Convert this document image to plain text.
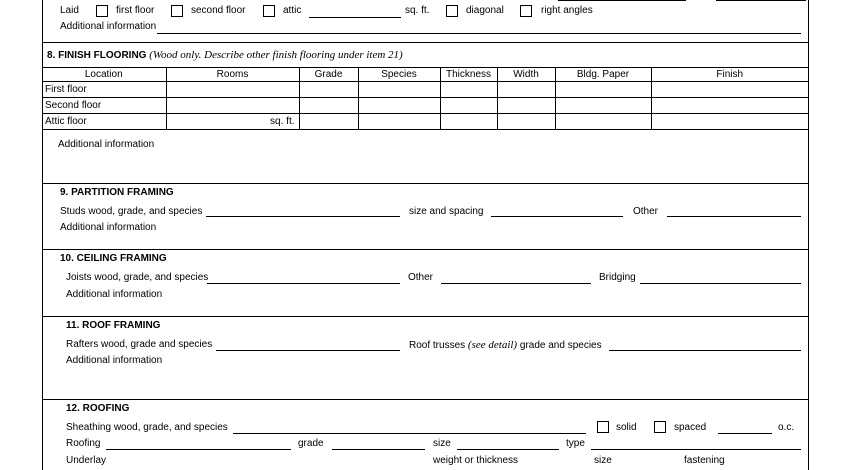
Laid	first floor	second floor	attic	sq. ft.	diagonal	right angles
Additional information
8. FINISH FLOORING (Wood only. Describe other finish flooring under item 21)
Location	Rooms	Grade	Species	Thickness	Width	Bldg. Paper	Finish
First floor							
Second floor							
Attic floor	sq. ft.						

Additional information
9. PARTITION FRAMING
Studs wood, grade, and species	size and spacing	Other
Additional information
10. CEILING FRAMING
Joists wood, grade, and species	Other	Bridging
Additional information
11. ROOF FRAMING
Rafters wood, grade and species	Roof trusses (see detail) grade and species
Additional information
12. ROOFING
Sheathing wood, grade, and species	solid	spaced	o.c.
Roofing	grade	size	type
Underlay	weight or thickness	size	fastening
